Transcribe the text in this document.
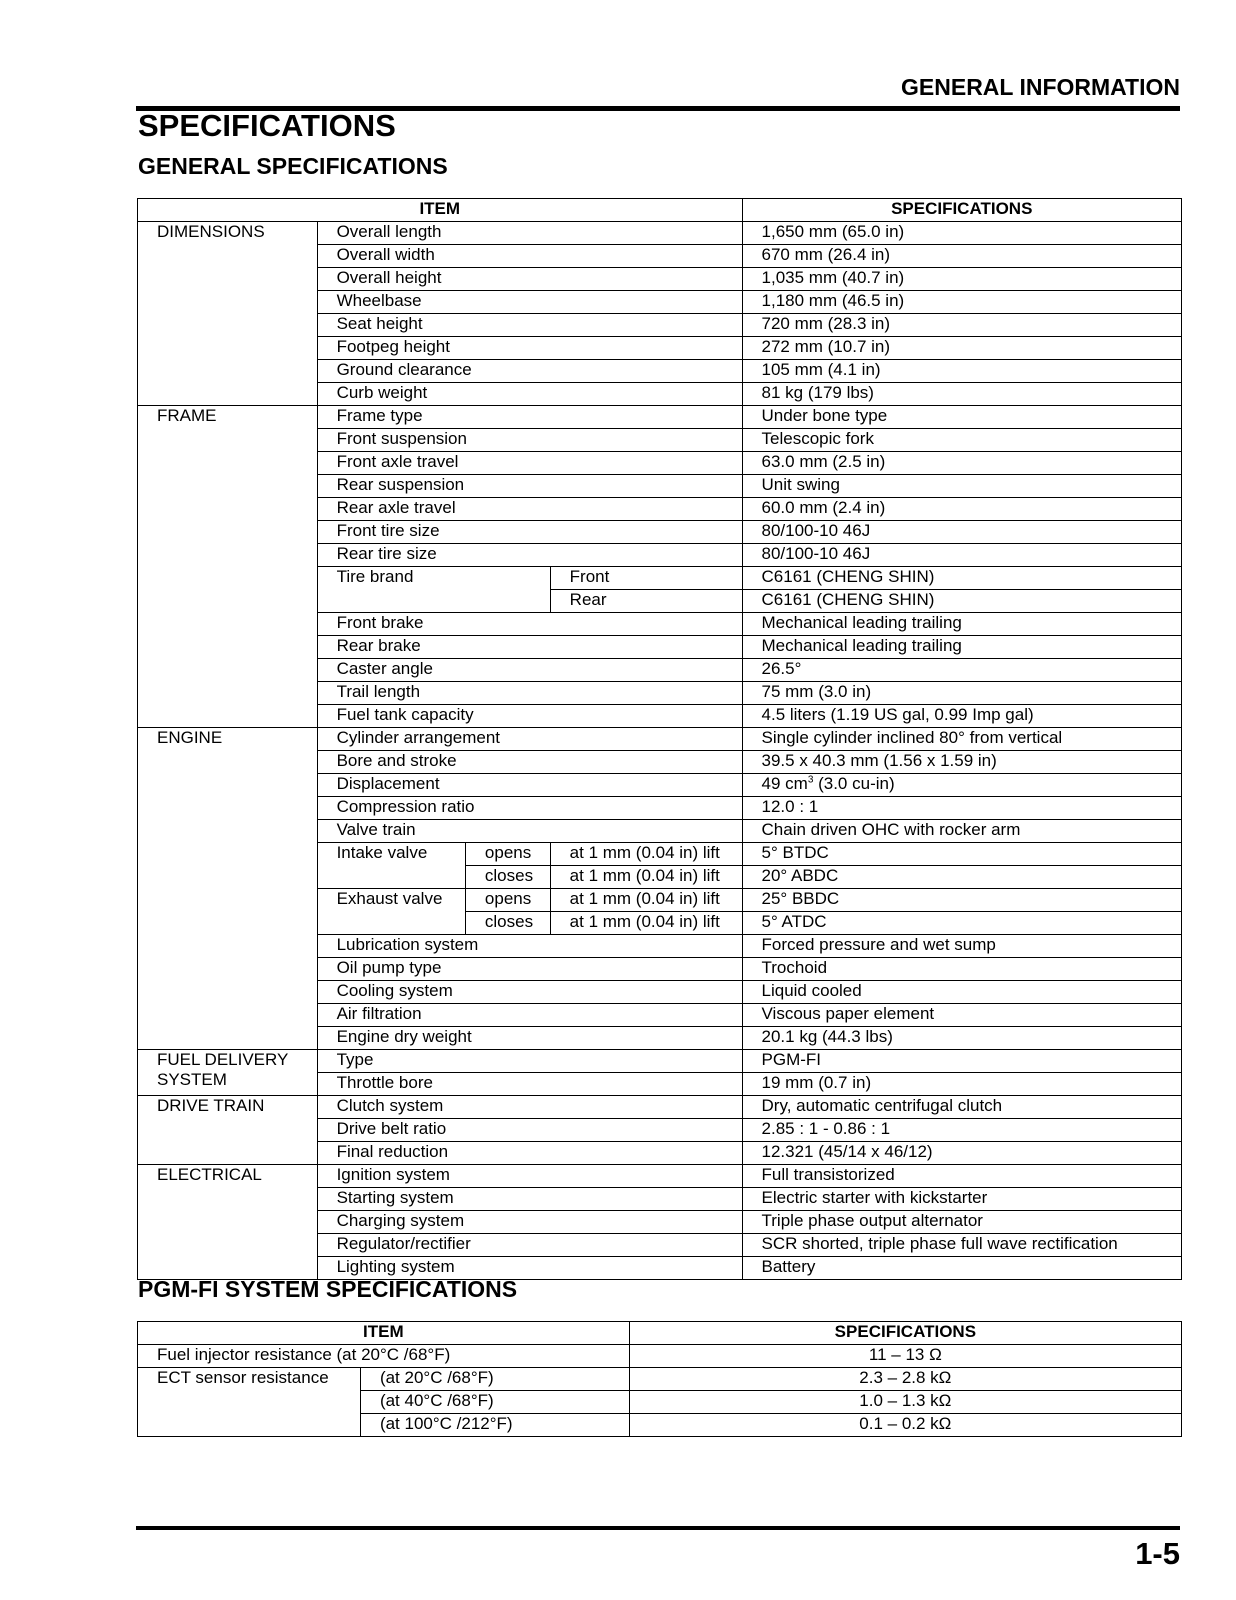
GENERAL INFORMATION
SPECIFICATIONS
GENERAL SPECIFICATIONS
ITEM				SPECIFICATIONS
DIMENSIONS	Overall length			1,650 mm (65.0 in)
	Overall width			670 mm (26.4 in)
	Overall height			1,035 mm (40.7 in)
	Wheelbase			1,180 mm (46.5 in)
	Seat height			720 mm (28.3 in)
	Footpeg height			272 mm (10.7 in)
	Ground clearance			105 mm (4.1 in)
	Curb weight			81 kg (179 lbs)
FRAME	Frame type			Under bone type
	Front suspension			Telescopic fork
	Front axle travel			63.0 mm (2.5 in)
	Rear suspension			Unit swing
	Rear axle travel			60.0 mm (2.4 in)
	Front tire size			80/100-10 46J
	Rear tire size			80/100-10 46J
	Tire brand		Front	C6161 (CHENG SHIN)
			Rear	C6161 (CHENG SHIN)
	Front brake			Mechanical leading trailing
	Rear brake			Mechanical leading trailing
	Caster angle			26.5°
	Trail length			75 mm (3.0 in)
	Fuel tank capacity			4.5 liters (1.19 US gal, 0.99 Imp gal)
ENGINE	Cylinder arrangement			Single cylinder inclined 80° from vertical
	Bore and stroke			39.5 x 40.3 mm (1.56 x 1.59 in)
	Displacement			49 $cm^3$ (3.0 cu-in)
	Compression ratio			12.0 : 1
	Valve train			Chain driven OHC with rocker arm
	Intake valve	opens	at 1 mm (0.04 in) lift	5° BTDC
		closes	at 1 mm (0.04 in) lift	20° ABDC
	Exhaust valve	opens	at 1 mm (0.04 in) lift	25° BBDC
		closes	at 1 mm (0.04 in) lift	5° ATDC
	Lubrication system			Forced pressure and wet sump
	Oil pump type			Trochoid
	Cooling system			Liquid cooled
	Air filtration			Viscous paper element
	Engine dry weight			20.1 kg (44.3 lbs)

FUEL DELIVERY
SYSTEM	Type			PGM-FI
	Throttle bore			19 mm (0.7 in)
DRIVE TRAIN	Clutch system			Dry, automatic centrifugal clutch
	Drive belt ratio			2.85 : 1 - 0.86 : 1
	Final reduction			12.321 (45/14 x 46/12)
ELECTRICAL	Ignition system			Full transistorized
	Starting system			Electric starter with kickstarter
	Charging system			Triple phase output alternator
	Regulator/rectifier			SCR shorted, triple phase full wave rectification
	Lighting system			Battery
PGM-FI SYSTEM SPECIFICATIONS
ITEM		SPECIFICATIONS
Fuel injector resistance (at 20°C /68°F)		11 – 13 Ω
ECT sensor resistance	(at 20°C /68°F)	2.3 – 2.8 kΩ
	(at 40°C /68°F)	1.0 – 1.3 kΩ
	(at 100°C /212°F)	0.1 – 0.2 kΩ
1-5
